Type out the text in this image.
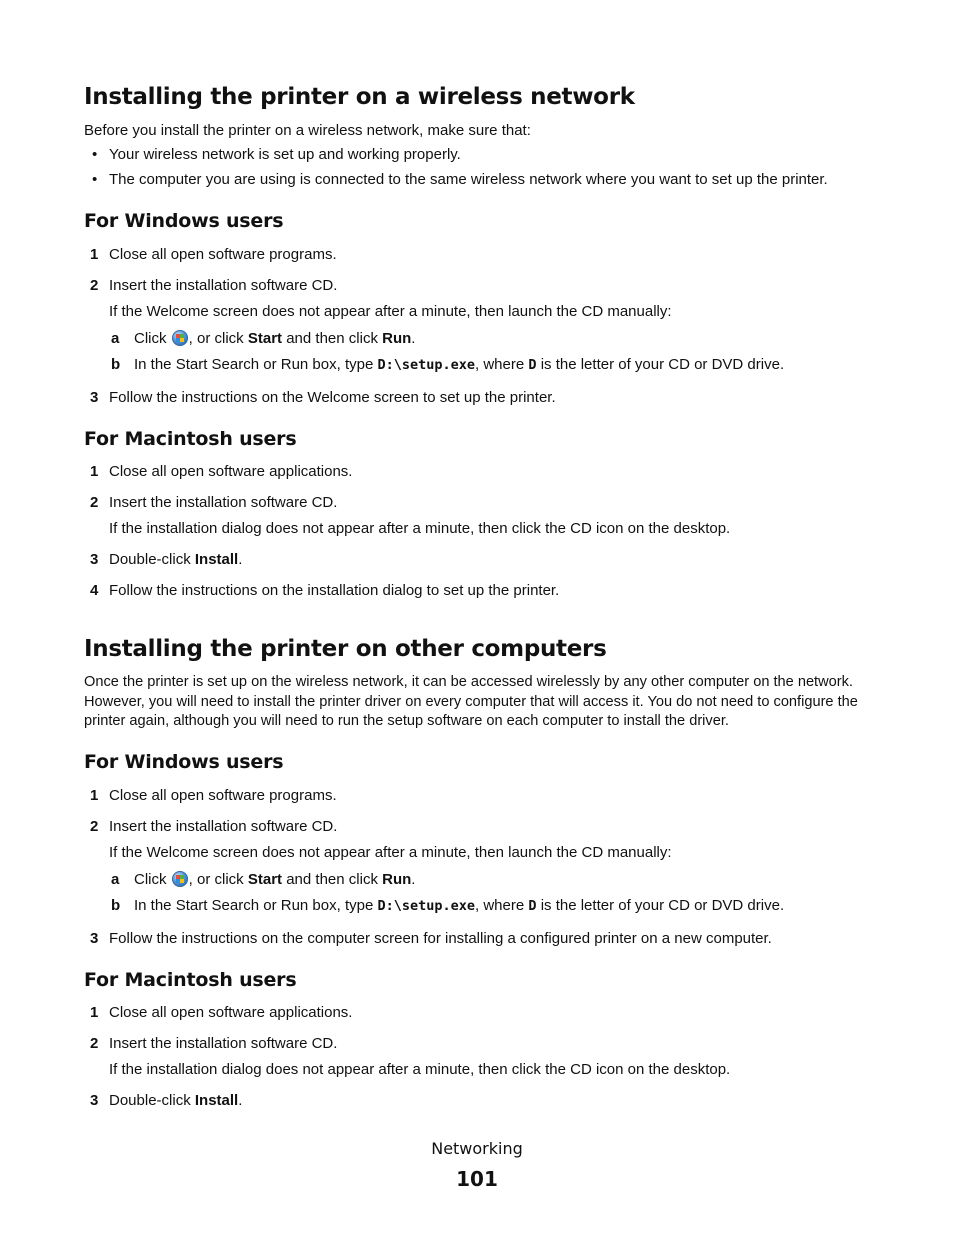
Installing the printer on a wireless network
Before you install the printer on a wireless network, make sure that:
• Your wireless network is set up and working properly.
• The computer you are using is connected to the same wireless network where you want to set up the printer.
For Windows users
1 Close all open software programs.
2 Insert the installation software CD.
If the Welcome screen does not appear after a minute, then launch the CD manually:
a Click , or click Start and then click Run.
b In the Start Search or Run box, type D:\setup.exe, where D is the letter of your CD or DVD drive.
3 Follow the instructions on the Welcome screen to set up the printer.
For Macintosh users
1 Close all open software applications.
2 Insert the installation software CD.
If the installation dialog does not appear after a minute, then click the CD icon on the desktop.
3 Double-click Install.
4 Follow the instructions on the installation dialog to set up the printer.
Installing the printer on other computers
Once the printer is set up on the wireless network, it can be accessed wirelessly by any other computer on the network. However, you will need to install the printer driver on every computer that will access it. You do not need to configure the printer again, although you will need to run the setup software on each computer to install the driver.
For Windows users
1 Close all open software programs.
2 Insert the installation software CD.
If the Welcome screen does not appear after a minute, then launch the CD manually:
a Click , or click Start and then click Run.
b In the Start Search or Run box, type D:\setup.exe, where D is the letter of your CD or DVD drive.
3 Follow the instructions on the computer screen for installing a configured printer on a new computer.
For Macintosh users
1 Close all open software applications.
2 Insert the installation software CD.
If the installation dialog does not appear after a minute, then click the CD icon on the desktop.
3 Double-click Install.
Networking
101
